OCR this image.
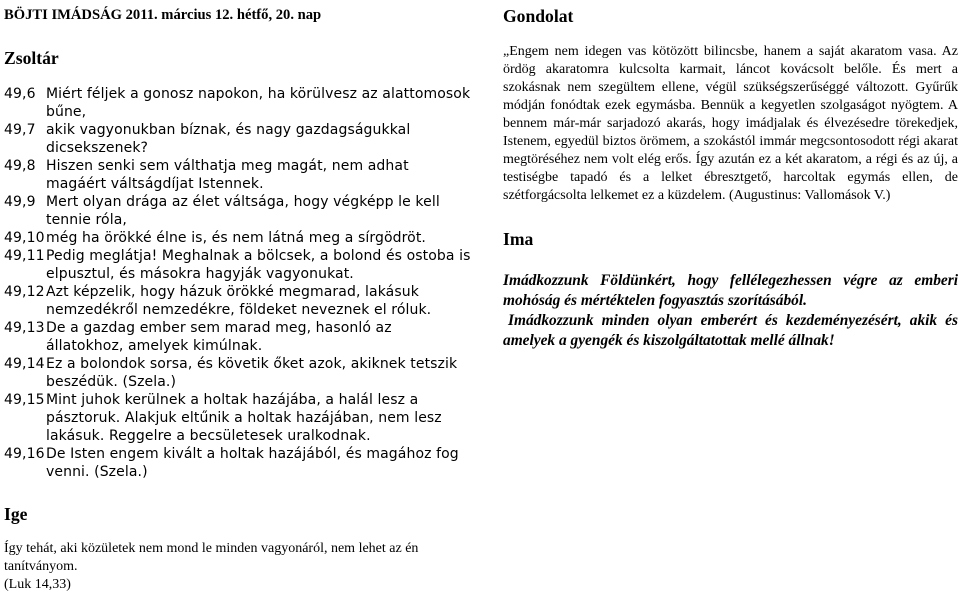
BÖJTI IMÁDSÁG 2011. március 12. hétfő, 20. nap
Zsoltár
49,6 Miért féljek a gonosz napokon, ha körülvesz az alattomosok bűne,
49,7 akik vagyonukban bíznak, és nagy gazdagságukkal dicsekszenek?
49,8 Hiszen senki sem válthatja meg magát, nem adhat magáért váltságdíjat Istennek.
49,9 Mert olyan drága az élet váltsága, hogy végképp le kell tennie róla,
49,10 még ha örökké élne is, és nem látná meg a sírgödröt.
49,11 Pedig meglátja! Meghalnak a bölcsek, a bolond és ostoba is elpusztul, és másokra hagyják vagyonukat.
49,12 Azt képzelik, hogy házuk örökké megmarad, lakásuk nemzedékről nemzedékre, földeket neveznek el róluk.
49,13 De a gazdag ember sem marad meg, hasonló az állatokhoz, amelyek kimúlnak.
49,14 Ez a bolondok sorsa, és követik őket azok, akiknek tetszik beszédük. (Szela.)
49,15 Mint juhok kerülnek a holtak hazájába, a halál lesz a pásztoruk. Alakjuk eltűnik a holtak hazájában, nem lesz lakásuk. Reggelre a becsületesek uralkodnak.
49,16 De Isten engem kivált a holtak hazájából, és magához fog venni. (Szela.)
Ige
Így tehát, aki közületek nem mond le minden vagyonáról, nem lehet az én tanítványom.
(Luk 14,33)
Gondolat
„Engem nem idegen vas kötözött bilincsbe, hanem a saját akaratom vasa. Az ördög akaratomra kulcsolta karmait, láncot kovácsolt belőle. És mert a szokásnak nem szegültem ellene, végül szükségszerűséggé változott. Gyűrűk módján fonódtak ezek egymásba. Bennük a kegyetlen szolgaságot nyögtem. A bennem már-már sarjadozó akarás, hogy imádjalak és élvezésedre törekedjek, Istenem, egyedül biztos örömem, a szokástól immár megcsontosodott régi akarat megtöréséhez nem volt elég erős. Így azután ez a két akaratom, a régi és az új, a testiségbe tapadó és a lelket ébresztgető, harcoltak egymás ellen, de szétforgácsolta lelkemet ez a küzdelem. (Augustinus: Vallomások V.)
Ima
Imádkozzunk Földünkért, hogy fellélegezhessen végre az emberi mohóság és mértéktelen fogyasztás szorításából.
Imádkozzunk minden olyan emberért és kezdeményezésért, akik és amelyek a gyengék és kiszolgáltatottak mellé állnak!
